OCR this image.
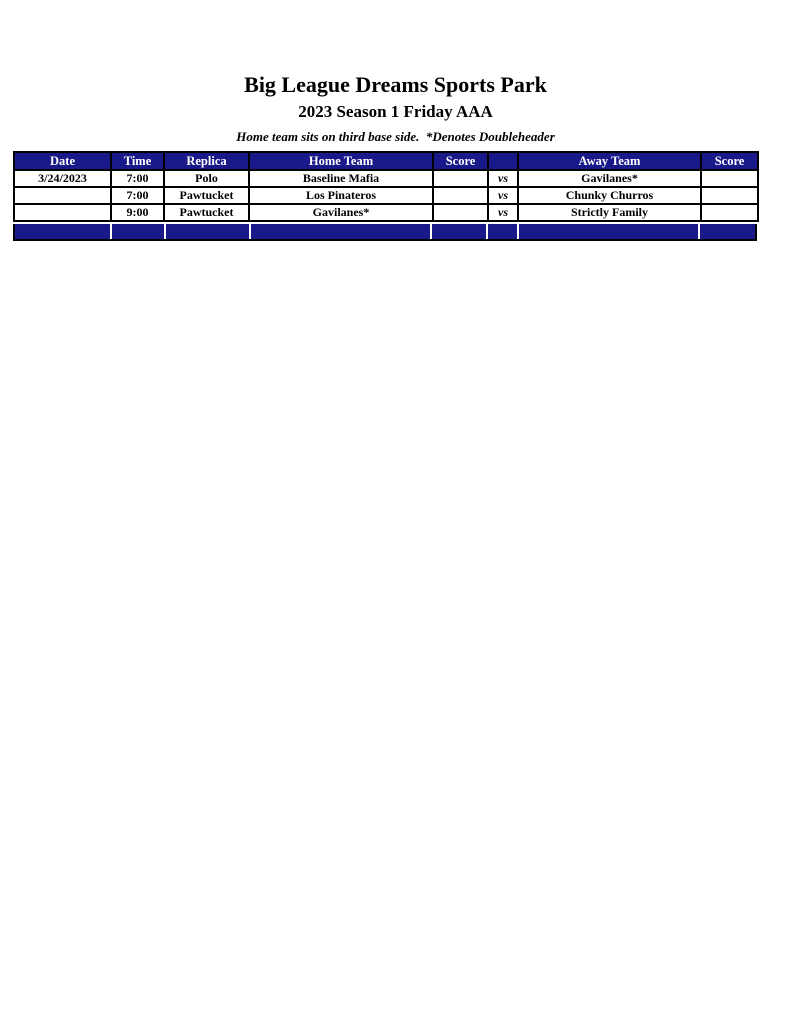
Big League Dreams Sports Park
2023 Season 1 Friday AAA
Home team sits on third base side.  *Denotes Doubleheader
Date	Time	Replica	Home Team	Score		Away Team	Score
3/24/2023	7:00	Polo	Baseline Mafia		vs	Gavilanes*	
	7:00	Pawtucket	Los Pinateros		vs	Chunky Churros	
	9:00	Pawtucket	Gavilanes*		vs	Strictly Family	
